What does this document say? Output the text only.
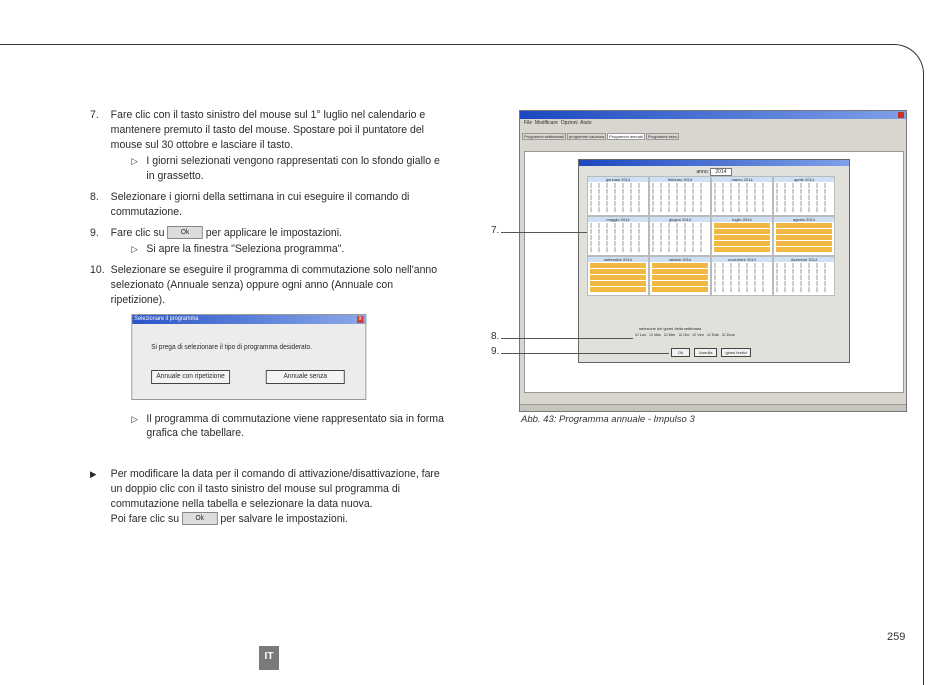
7. Fare clic con il tasto sinistro del mouse sul 1° luglio nel calendario e mantenere premuto il tasto del mouse. Spostare poi il puntatore del mouse sul 30 ottobre e lasciare il tasto.
▷ I giorni selezionati vengono rappresentati con lo sfondo giallo e in grassetto.
8. Selezionare i giorni della settimana in cui eseguire il comando di commutazione.
9. Fare clic su Ok per applicare le impostazioni.
▷ Si apre la finestra "Seleziona programma".
10. Selezionare se eseguire il programma di commutazione solo nell'anno selezionato (Annuale senza) oppure ogni anno (Annuale con ripetizione).
Selezionare il programma	x
Si prega di selezionare il tipo di programma desiderato.
Annuale con ripetizione	Annuale senza
▷ Il programma di commutazione viene rappresentato sia in forma grafica che tabellare.
▶ Per modificare la data per il comando di attivazione/disattivazione, fare un doppio clic con il tasto sinistro del mouse sul programma di commutazione nella tabella e selezionare la data nuova.
Poi fare clic su Ok per salvare le impostazioni.
File Modificare Opzioni Aiuto
Programmi settimanali programmi vacanza Programmi annuali Programmi astro
anno: 2014
gennaio 2014	febbraio 2014	marzo 2014	aprile 2014
maggio 2014	giugno 2014	luglio 2014	agosto 2014
settembre 2014	ottobre 2014	novembre 2014	dicembre 2014
selezione dei giorni della settimana
☑ Lun ☑ Mar ☑ Mer ☑ Gio ☑ Ven ☑ Sab ☑ Dom
Ok	Annulla	giorni festivi
Abb. 43: Programma annuale - Impulso 3
7.
8.
9.
259
IT
